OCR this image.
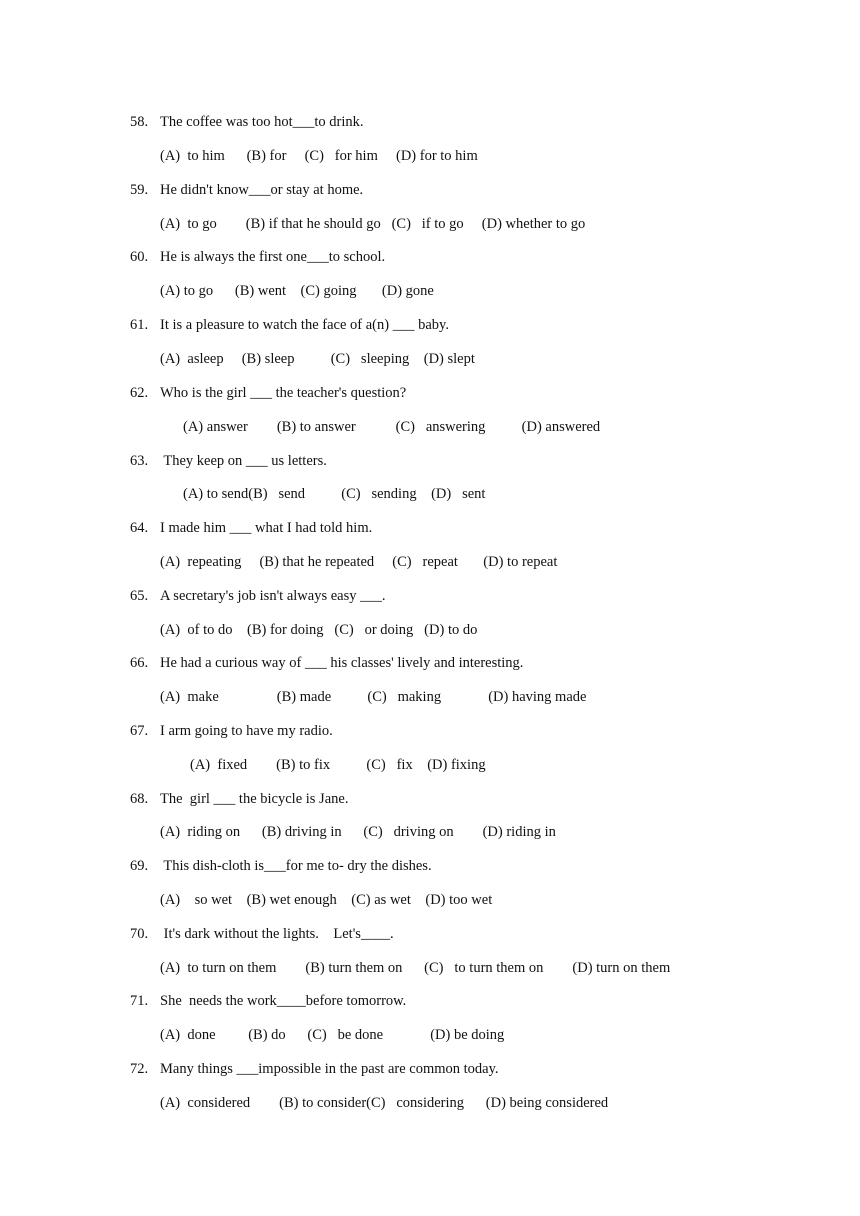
58. The coffee was too hot___to drink.

(A)  to him      (B) for     (C)   for him     (D) for to him

59. He didn't know___or stay at home.

(A)  to go        (B) if that he should go   (C)   if to go     (D) whether to go

60. He is always the first one___to school.

(A) to go      (B) went    (C) going       (D) gone

61. It is a pleasure to watch the face of a(n) ___ baby.

(A)  asleep     (B) sleep          (C)   sleeping    (D) slept

62. Who is the girl ___ the teacher's question?

(A) answer        (B) to answer           (C)   answering          (D) answered

63. They keep on ___ us letters.

(A) to send(B)   send          (C)   sending    (D)   sent

64. I made him ___ what I had told him.

(A)  repeating     (B) that he repeated     (C)   repeat       (D) to repeat

65. A secretary's job isn't always easy ___.

(A)  of to do    (B) for doing   (C)   or doing   (D) to do

66. He had a curious way of ___ his classes' lively and interesting.

(A)  make                (B) made          (C)   making             (D) having made

67. I arm going to have my radio.

(A)  fixed        (B) to fix          (C)   fix    (D) fixing

68. The  girl ___ the bicycle is Jane.

(A)  riding on      (B) driving in      (C)   driving on        (D) riding in

69. This dish-cloth is___for me to- dry the dishes.

(A)    so wet    (B) wet enough    (C) as wet    (D) too wet

70. It's dark without the lights.    Let's____.

(A)  to turn on them        (B) turn them on      (C)   to turn them on        (D) turn on them

71. She  needs the work____before tomorrow.

(A)  done         (B) do      (C)   be done             (D) be doing

72. Many things ___impossible in the past are common today.

(A)  considered        (B) to consider(C)   considering      (D) being considered
